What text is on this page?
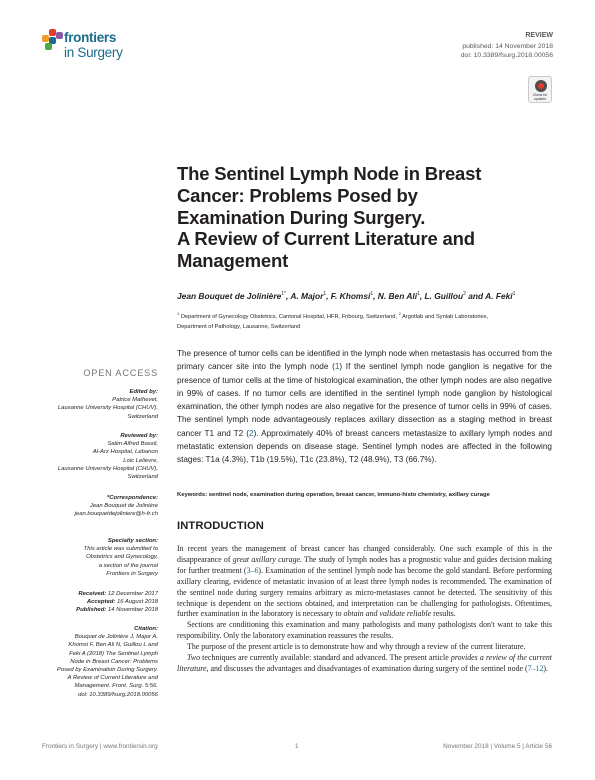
frontiers
in Surgery
REVIEW
published: 14 November 2018
doi: 10.3389/fsurg.2018.00056
Check for
updates
The Sentinel Lymph Node in Breast
Cancer: Problems Posed by
Examination During Surgery.
A Review of Current Literature and
Management
Jean Bouquet de Jolinière$^{1*}$, A. Major$^1$, F. Khomsi$^1$, N. Ben Ali$^1$, L. Guillou$^2$ and A. Feki$^1$
$^1$ Department of Gynecology Obstetrics, Cantonal Hospital, HFR, Fribourg, Switzerland, $^2$ Argotlab and Synlab Laboratories,
Department of Pathology, Lausanne, Switzerland
OPEN ACCESS
Edited by:
Patrice Mathevet,
Lausanne University Hospital (CHUV),
Switzerland
Reviewed by:
Salim Alfred Bassil,
Al-Arz Hospital, Lebanon
Loic Lelievre,
Lausanne University Hospital (CHUV),
Switzerland
*Correspondence:
Jean Bouquet de Jolinière
jean.bouquetdejoliniere@h-fr.ch
Specialty section:
This article was submitted to
Obstetrics and Gynecology,
a section of the journal
Frontiers in Surgery
Received: 12 December 2017
Accepted: 16 August 2018
Published: 14 November 2018
Citation:
Bouquet de Jolinière J, Major A,
Khomsi F, Ben Ali N, Guillou L and
Feki A (2018) The Sentinel Lymph
Node in Breast Cancer: Problems
Posed by Examination During Surgery.
A Review of Current Literature and
Management. Front. Surg. 5:56.
doi: 10.3389/fsurg.2018.00056
The presence of tumor cells can be identified in the lymph node when metastasis has occurred from the primary cancer site into the lymph node (1) If the sentinel lymph node ganglion is negative for the presence of tumor cells at the time of histological examination, the other lymph nodes are also negative in 99% of cases. If no tumor cells are identified in the sentinel lymph node ganglion by histological examination, the other lymph nodes are also negative for the presence of tumor cells in 99% of cases. The sentinel lymph node advantageously replaces axillary dissection as a staging method in breast cancer T1 and T2 (2). Approximately 40% of breast cancers metastasize to axillary lymph nodes and metastatic extension depends on disease stage. Sentinel lymph nodes are affected in the following stages: T1a (4.3%), T1b (19.5%), T1c (23.8%), T2 (48.9%), T3 (66.7%).
Keywords: sentinel node, examination during operation, breast cancer, immuno-histo chemistry, axillary curage
INTRODUCTION

In recent years the management of breast cancer has changed considerably. One such example of this is the disappearance of great axillary curage. The study of lymph nodes has a prognostic value and guides decision making for further treatment (3–6). Examination of the sentinel lymph node has become the gold standard. Before performing axillary clearing, evidence of metastatic invasion of at least three lymph nodes is recommended. The examination of the sentinel node during surgery remains arbitrary as micro-metastases cannot be detected. The sensitivity of this technique is dependent on the sections obtained, and interpretation can be challenging for pathologists. Oftentimes, further examination in the laboratory is necessary to obtain and validate reliable results.

Sections are conditioning this examination and many pathologists and many pathologists don't want to take this responsibility. Only the laboratory examination reassures the results.

The purpose of the present article is to demonstrate how and why through a review of the current literature.

Two techniques are currently available: standard and advanced. The present article provides a review of the current literature, and discusses the advantages and disadvantages of examination during surgery of the sentinel node (7–12).

Frontiers in Surgery | www.frontiersin.org	1	November 2018 | Volume 5 | Article 56
